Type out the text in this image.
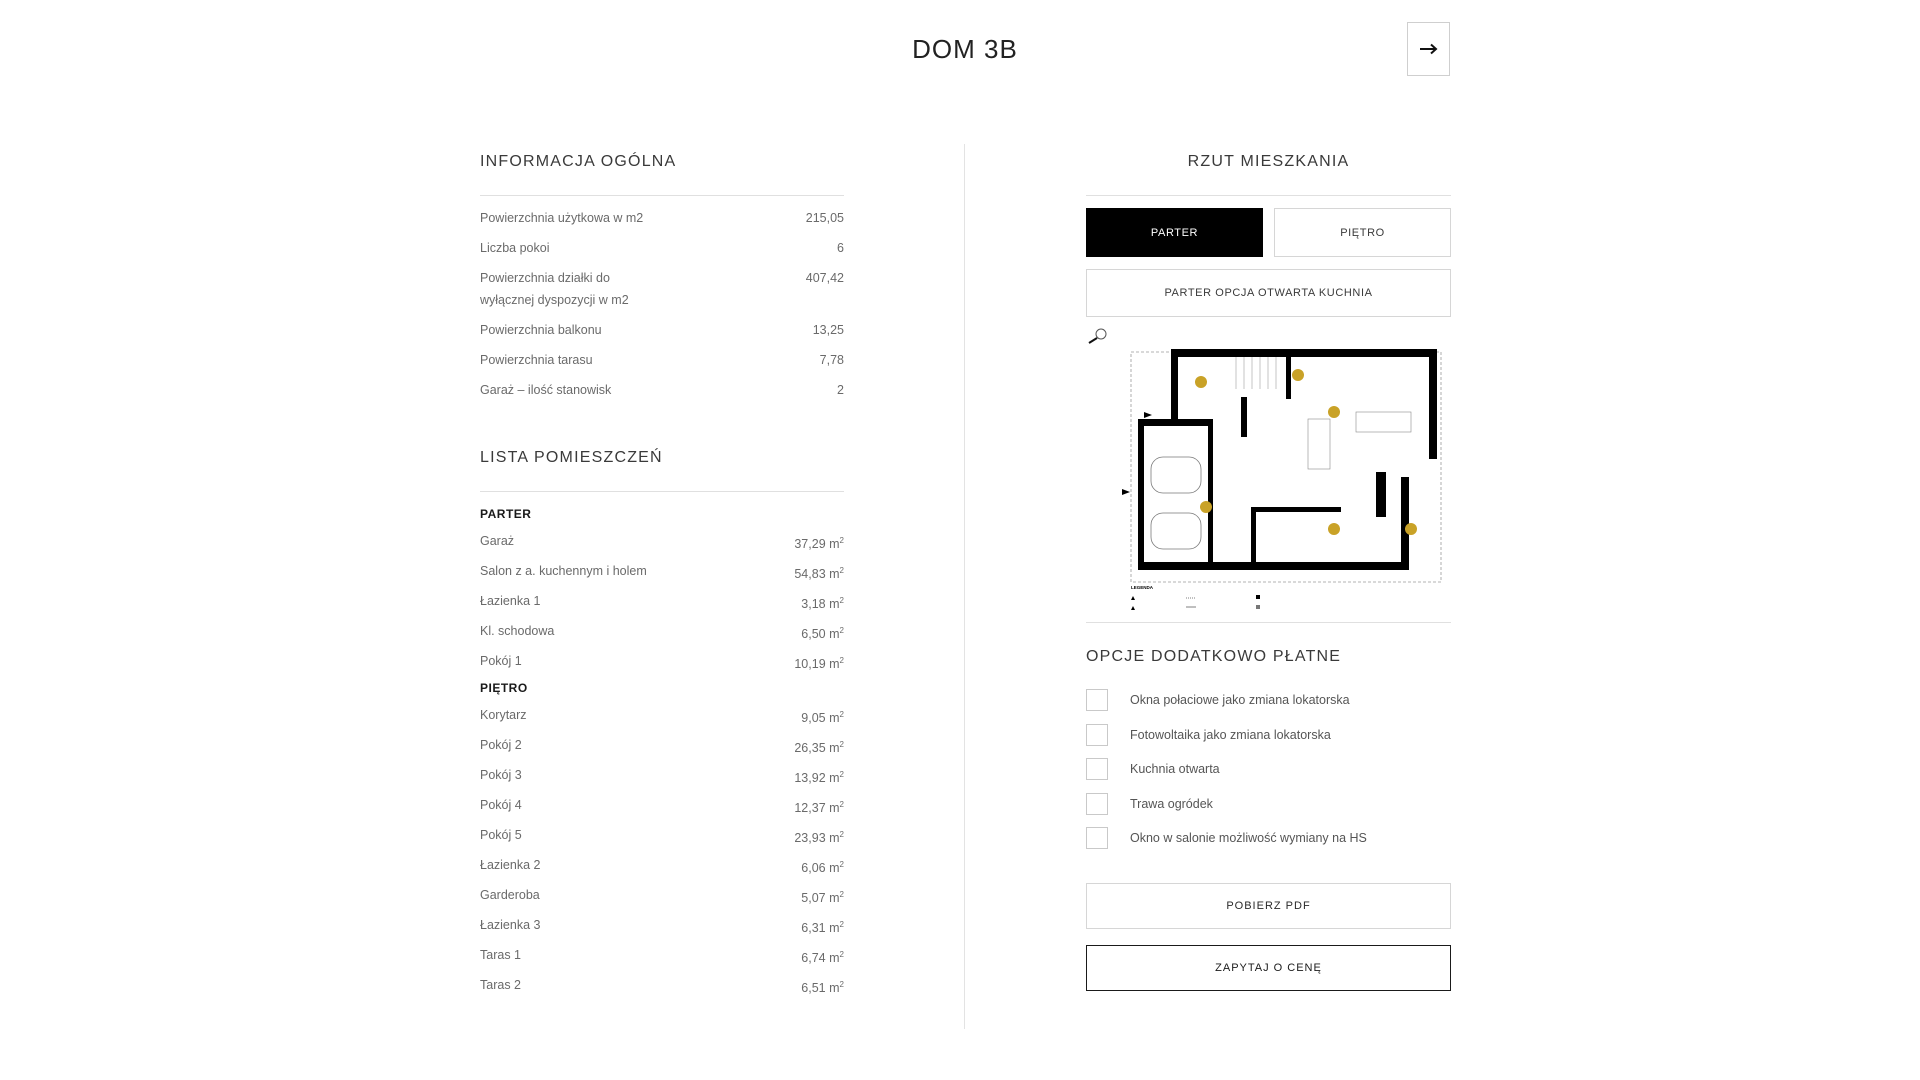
DOM 3B
INFORMACJA OGÓLNA
Powierzchnia użytkowa w m2	215,05
Liczba pokoi	6
Powierzchnia działki do wyłącznej dyspozycji w m2
407,42
Powierzchnia balkonu	13,25
Powierzchnia tarasu	7,78
Garaż – ilość stanowisk	2
LISTA POMIESZCZEŃ
PARTER
Garaż	37,29 $m^2$
Salon z a. kuchennym i holem	54,83 $m^2$
Łazienka 1	3,18 $m^2$
Kl. schodowa	6,50 $m^2$
Pokój 1	10,19 $m^2$
PIĘTRO
Korytarz	9,05 $m^2$
Pokój 2	26,35 $m^2$
Pokój 3	13,92 $m^2$
Pokój 4	12,37 $m^2$
Pokój 5	23,93 $m^2$
Łazienka 2	6,06 $m^2$
Garderoba	5,07 $m^2$
Łazienka 3	6,31 $m^2$
Taras 1	6,74 $m^2$
Taras 2	6,51 $m^2$
RZUT MIESZKANIA
PARTER	PIĘTRO
PARTER OPCJA OTWARTA KUCHNIA
LEGENDA
OPCJE DODATKOWO PŁATNE
Okna połaciowe jako zmiana lokatorska
Fotowoltaika jako zmiana lokatorska
Kuchnia otwarta
Trawa ogródek
Okno w salonie możliwość wymiany na HS
POBIERZ PDF
ZAPYTAJ O CENĘ
